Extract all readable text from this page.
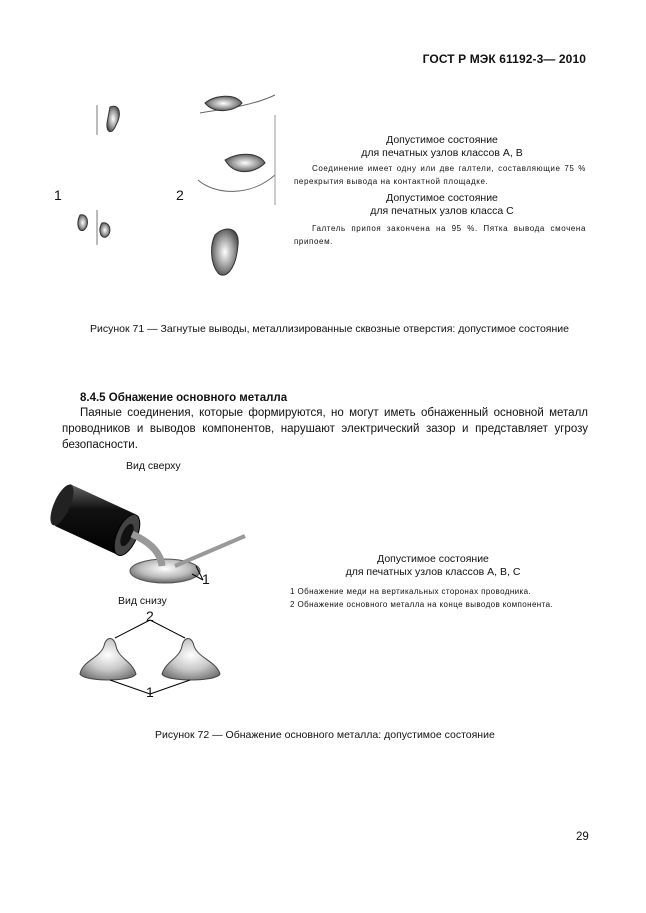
ГОСТ Р МЭК 61192-3— 2010
1	2
Допустимое состояние
для печатных узлов классов A, B
Соединение имеет одну или две галтели, составляющие 75 % перекрытия вывода на контактной площадке.
Допустимое состояние
для печатных узлов класса С
Галтель припоя закончена на 95 %. Пятка вывода смочена припоем.
Рисунок 71 — Загнутые выводы, металлизированные сквозные отверстия: допустимое состояние
8.4.5 Обнажение основного металла
Паяные соединения, которые формируются, но могут иметь обнаженный основной металл проводников и выводов компонентов, нарушают электрический зазор и представляет угрозу безопасности.
Вид сверху
1
Вид снизу
2
1
Допустимое состояние
для печатных узлов классов A, B, C
1 Обнажение меди на вертикальных сторонах проводника.
2 Обнажение основного металла на конце выводов компонента.
Рисунок 72 — Обнажение основного металла: допустимое состояние
29
